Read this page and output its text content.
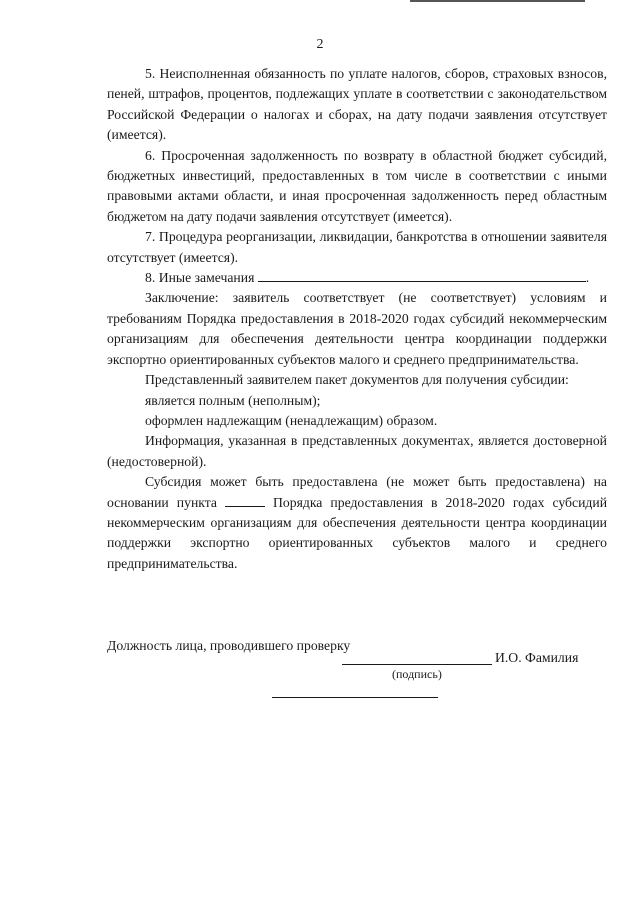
2

5. Неисполненная обязанность по уплате налогов, сборов, страховых взносов, пеней, штрафов, процентов, подлежащих уплате в соответствии с законодательством Российской Федерации о налогах и сборах, на дату подачи заявления отсутствует (имеется).

6. Просроченная задолженность по возврату в областной бюджет субсидий, бюджетных инвестиций, предоставленных в том числе в соответствии с иными правовыми актами области, и иная просроченная задолженность перед областным бюджетом на дату подачи заявления отсутствует (имеется).

7. Процедура реорганизации, ликвидации, банкротства в отношении заявителя отсутствует (имеется).

8. Иные замечания	.

Заключение: заявитель соответствует (не соответствует) условиям и требованиям Порядка предоставления в 2018-2020 годах субсидий некоммерческим организациям для обеспечения деятельности центра координации поддержки экспортно ориентированных субъектов малого и среднего предпринимательства.

Представленный заявителем пакет документов для получения субсидии:

является полным (неполным);

оформлен надлежащим (ненадлежащим) образом.

Информация, указанная в представленных документах, является достоверной (недостоверной).

Субсидия может быть предоставлена (не может быть предоставлена) на основании пункта	Порядка предоставления в 2018-2020 годах субсидий некоммерческим организациям для обеспечения деятельности центра координации поддержки экспортно ориентированных субъектов малого и среднего предпринимательства.

Должность лица, проводившего проверку
И.О. Фамилия
(подпись)
